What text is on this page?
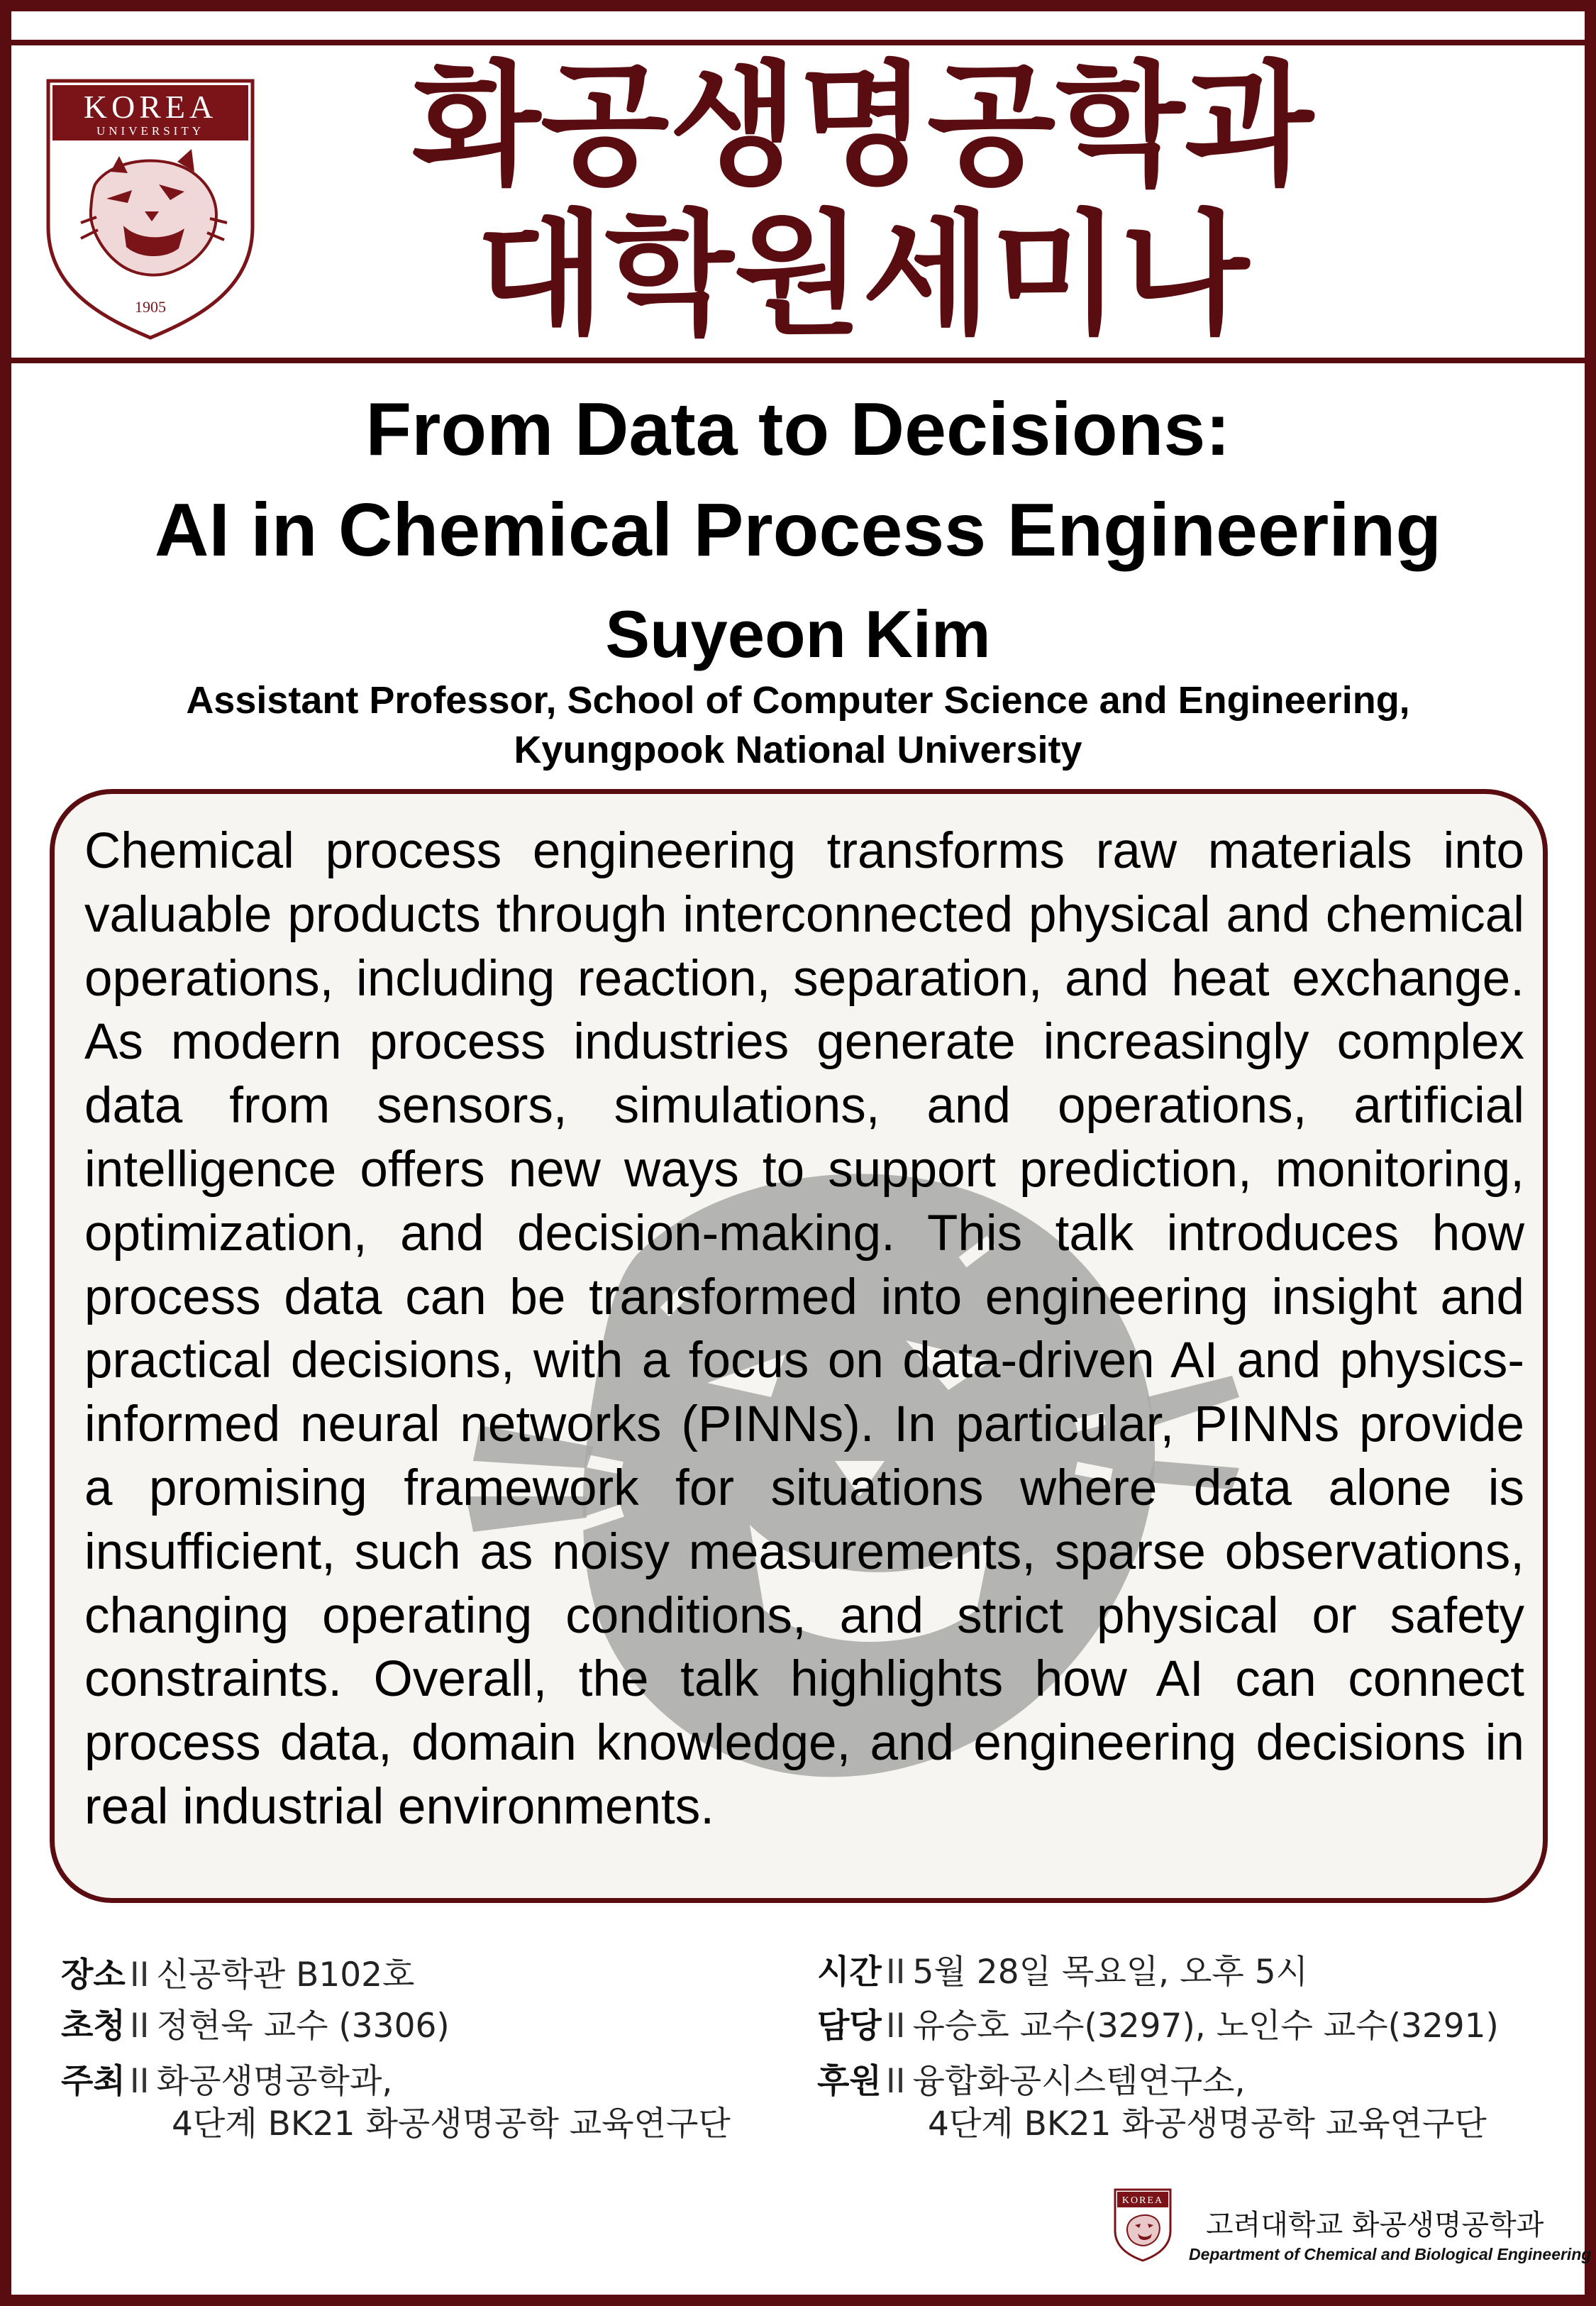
KOREA
UNIVERSITY
1905
화공생명공학과
대학원세미나
From Data to Decisions:
AI in Chemical Process Engineering
Suyeon Kim
Assistant Professor, School of Computer Science and Engineering,
Kyungpook National University
Chemical process engineering transforms raw materials into valuable products through interconnected physical and chemical operations, including reaction, separation, and heat exchange. As modern process industries generate increasingly complex data from sensors, simulations, and operations, artificial intelligence offers new ways to support prediction, monitoring, optimization, and decision-making. This talk introduces how process data can be transformed into engineering insight and practical decisions, with a focus on data-driven AI and physics-informed neural networks (PINNs). In particular, PINNs provide a promising framework for situations where data alone is insufficient, such as noisy measurements, sparse observations, changing operating conditions, and strict physical or safety constraints. Overall, the talk highlights how AI can connect process data, domain knowledge, and engineering decisions in real industrial environments.
장소 II 신공학관 B102호
초청 II 정현욱 교수 (3306)
주최 II 화공생명공학과,
4단계 BK21 화공생명공학 교육연구단
시간 II 5월 28일 목요일, 오후 5시
담당 II 유승호 교수(3297), 노인수 교수(3291)
후원 II 융합화공시스템연구소,
4단계 BK21 화공생명공학 교육연구단
KOREA
고려대학교 화공생명공학과
Department of Chemical and Biological Engineering
